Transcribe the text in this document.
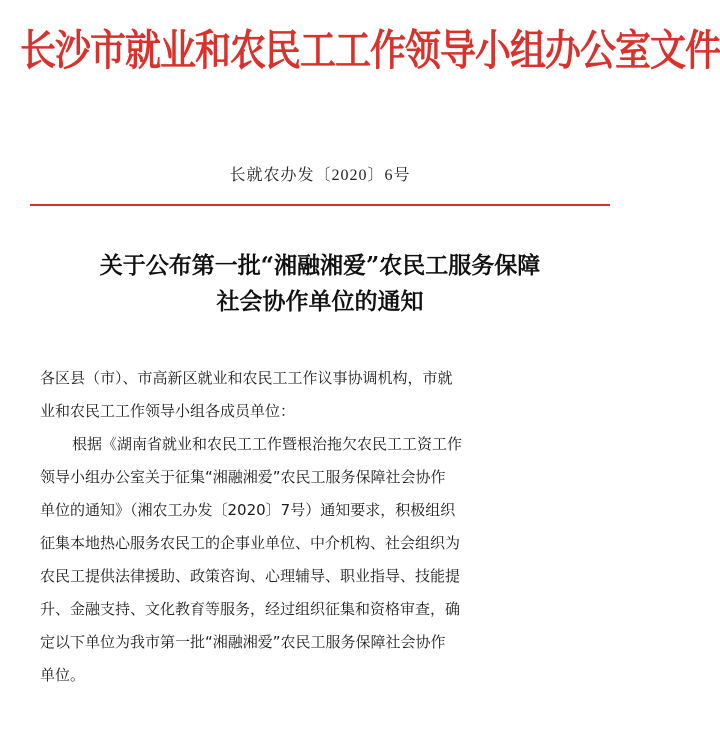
长沙市就业和农民工工作领导小组办公室文件
长就农办发〔2020〕6号
关于公布第一批“湘融湘爱”农民工服务保障
社会协作单位的通知
各区县（市）、市高新区就业和农民工工作议事协调机构，市就
业和农民工工作领导小组各成员单位：
根据《湖南省就业和农民工工作暨根治拖欠农民工工资工作
领导小组办公室关于征集“湘融湘爱”农民工服务保障社会协作
单位的通知》（湘农工办发〔2020〕7号）通知要求，积极组织
征集本地热心服务农民工的企事业单位、中介机构、社会组织为
农民工提供法律援助、政策咨询、心理辅导、职业指导、技能提
升、金融支持、文化教育等服务，经过组织征集和资格审查，确
定以下单位为我市第一批“湘融湘爱”农民工服务保障社会协作
单位。
